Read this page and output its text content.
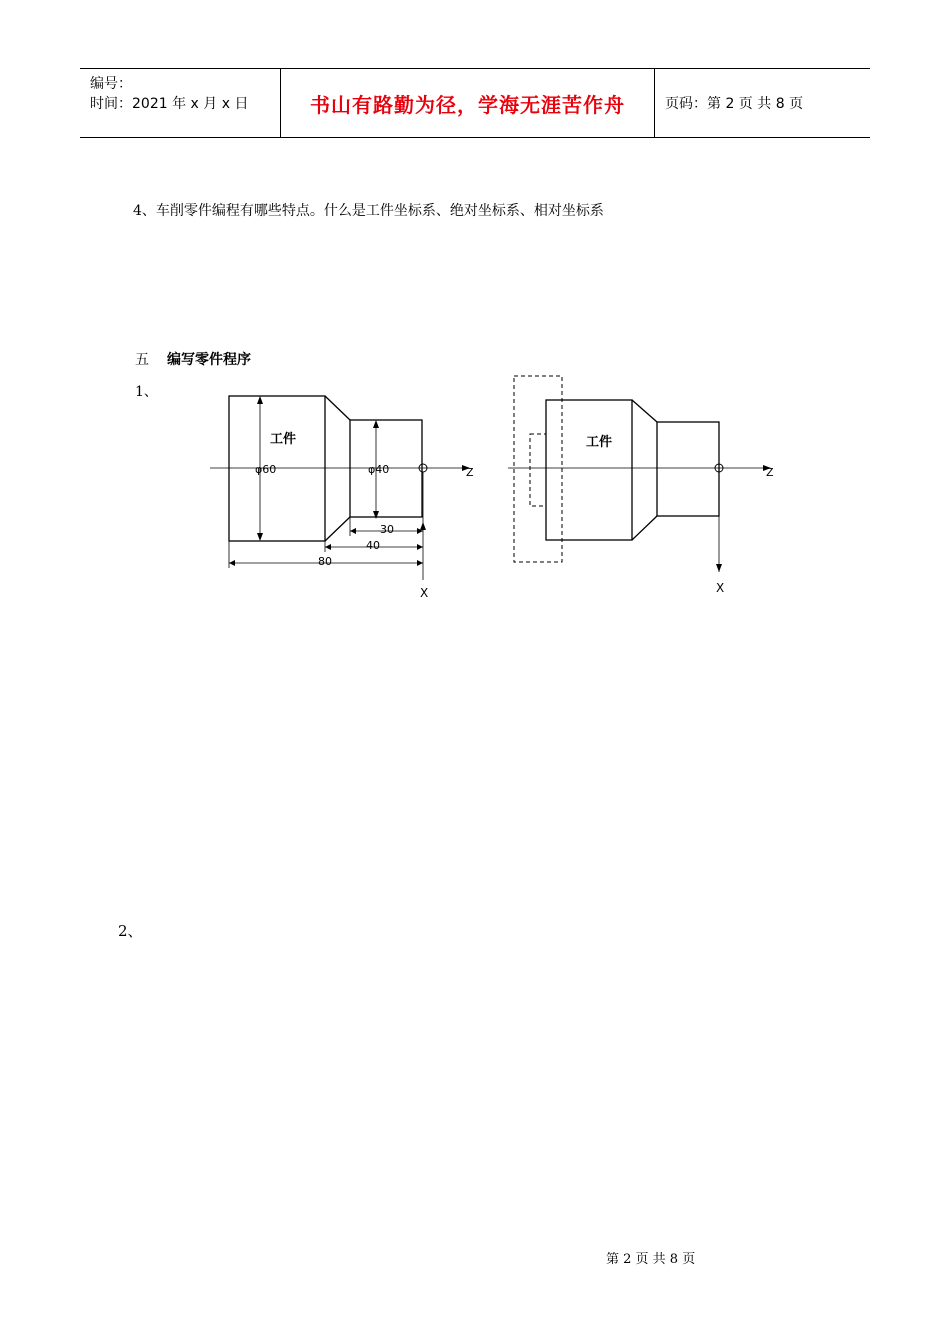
编号：
时间：2021 年 x 月 x 日	书山有路勤为径，学海无涯苦作舟	页码：第 2 页 共 8 页
4、车削零件编程有哪些特点。什么是工件坐标系、绝对坐标系、相对坐标系
五 编写零件程序
1、
2、
工件
φ60	φ40
30
40
80
Z
X
工件
Z
X
第 2 页 共 8 页
